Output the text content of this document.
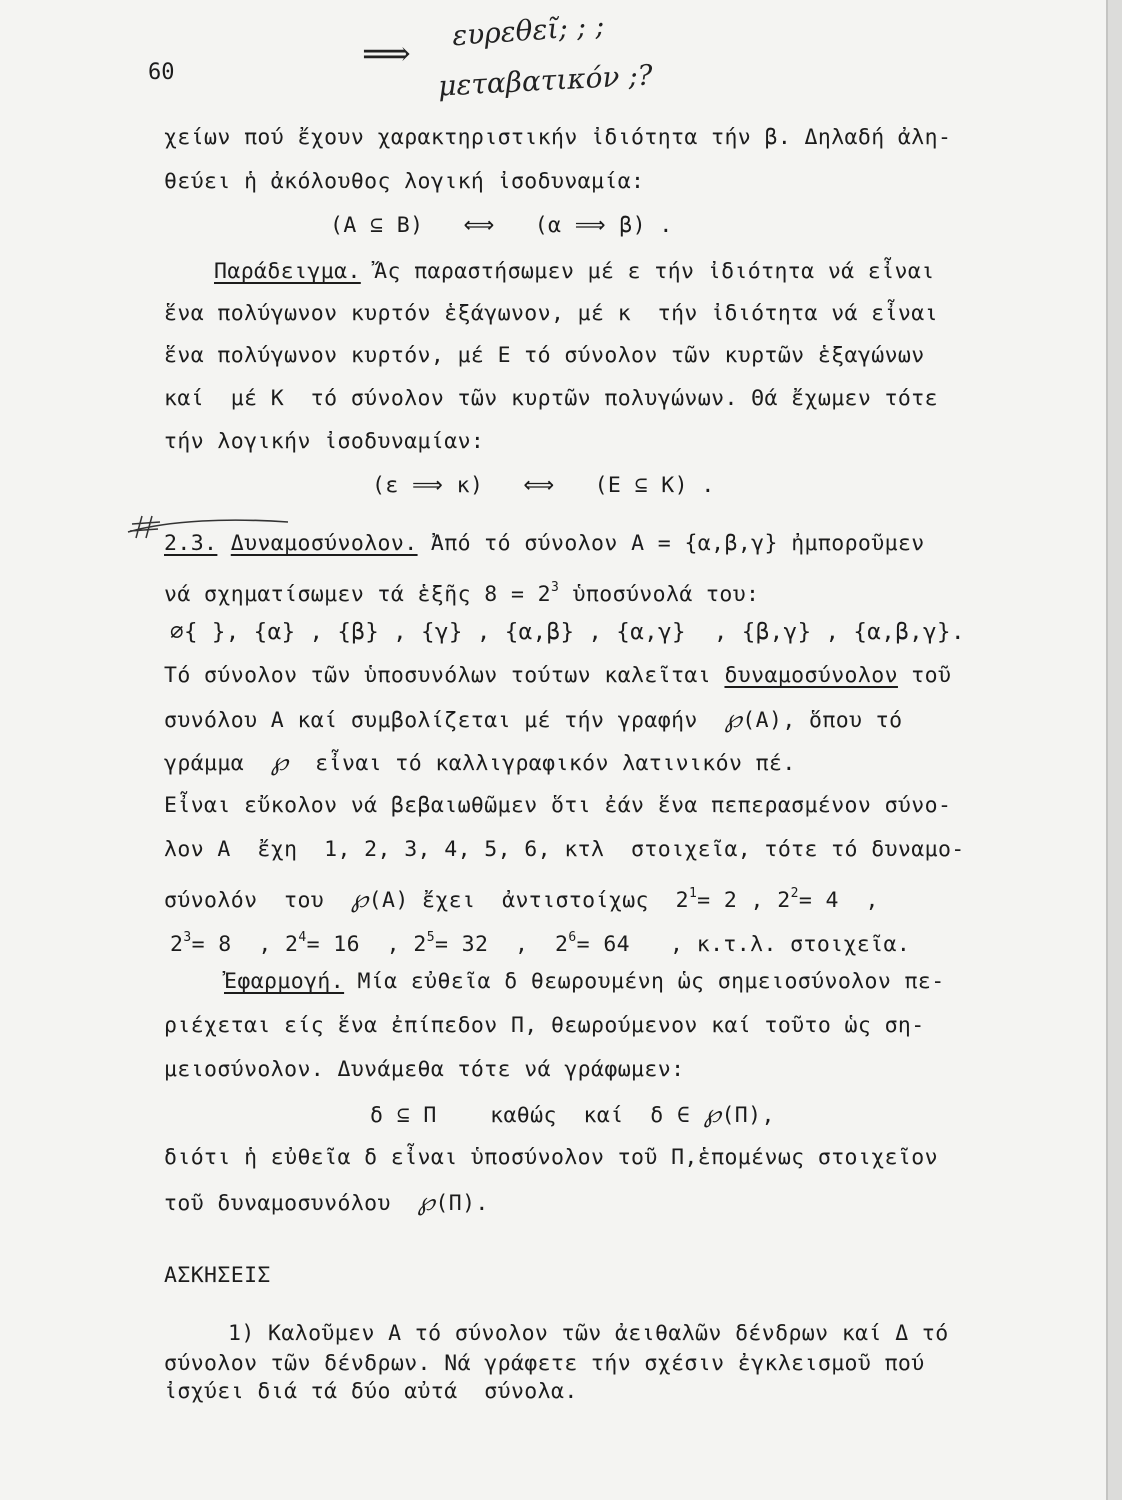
60	⟹
ευρεθεῖ; ; ;
μεταβατικόν ;?
χείων πού ἔχουν χαρακτηριστικήν ἰδιότητα τήν β. Δηλαδή ἀλη-
θεύει ἡ ἀκόλουθος λογική ἰσοδυναμία:
(A ⊆ B)   ⟺   (α ⟹ β) .
Παράδειγμα. Ἄς παραστήσωμεν μέ ε τήν ἰδιότητα νά εἶναι
ἕνα πολύγωνον κυρτόν ἑξάγωνον, μέ κ  τήν ἰδιότητα νά εἶναι
ἕνα πολύγωνον κυρτόν, μέ Ε τό σύνολον τῶν κυρτῶν ἑξαγώνων
καί  μέ Κ  τό σύνολον τῶν κυρτῶν πολυγώνων. Θά ἔχωμεν τότε
τήν λογικήν ἰσοδυναμίαν:
(ε ⟹ κ)   ⟺   (Ε ⊆ Κ) .
2.3. Δυναμοσύνολον. Ἀπό τό σύνολον Α = {α,β,γ} ἠμποροῦμεν
νά σχηματίσωμεν τά ἑξῆς $8 = 2^3$ ὑποσύνολά του:
∅{ }, {α} , {β} , {γ} , {α,β} , {α,γ}  , {β,γ} , {α,β,γ}.
Τό σύνολον τῶν ὑποσυνόλων τούτων καλεῖται δυναμοσύνολον τοῦ
συνόλου Α καί συμβολίζεται μέ τήν γραφήν  ℘(Α), ὅπου τό
γράμμα  ℘  εἶναι τό καλλιγραφικόν λατινικόν πέ.
Εἶναι εὔκολον νά βεβαιωθῶμεν ὅτι ἐάν ἕνα πεπερασμένον σύνο-
λον Α  ἔχη  1, 2, 3, 4, 5, 6, κτλ  στοιχεῖα, τότε τό δυναμο-
σύνολόν  του  ℘(Α) ἔχει  ἀντιστοίχως  $2^1= 2$ , $2^2= 4$  ,
$2^3= 8$  , $2^4= 16$  , $2^5= 32$  ,  $2^6= 64$   , κ.τ.λ. στοιχεῖα.
Ἐφαρμογή. Μία εὐθεῖα δ θεωρουμένη ὡς σημειοσύνολον πε-
ριέχεται είς ἕνα ἐπίπεδον Π, θεωρούμενον καί τοῦτο ὡς ση-
μειοσύνολον. Δυνάμεθα τότε νά γράφωμεν:
δ ⊆ Π    καθώς  καί  δ ∈ ℘(Π),
διότι ἡ εὐθεῖα δ εἶναι ὑποσύνολον τοῦ Π,ἑπομένως στοιχεῖον
τοῦ δυναμοσυνόλου  ℘(Π).
ΑΣΚΗΣΕΙΣ
1) Καλοῦμεν Α τό σύνολον τῶν ἀειθαλῶν δένδρων καί Δ τό
σύνολον τῶν δένδρων. Νά γράφετε τήν σχέσιν ἐγκλεισμοῦ πού
ἰσχύει διά τά δύο αὐτά  σύνολα.
